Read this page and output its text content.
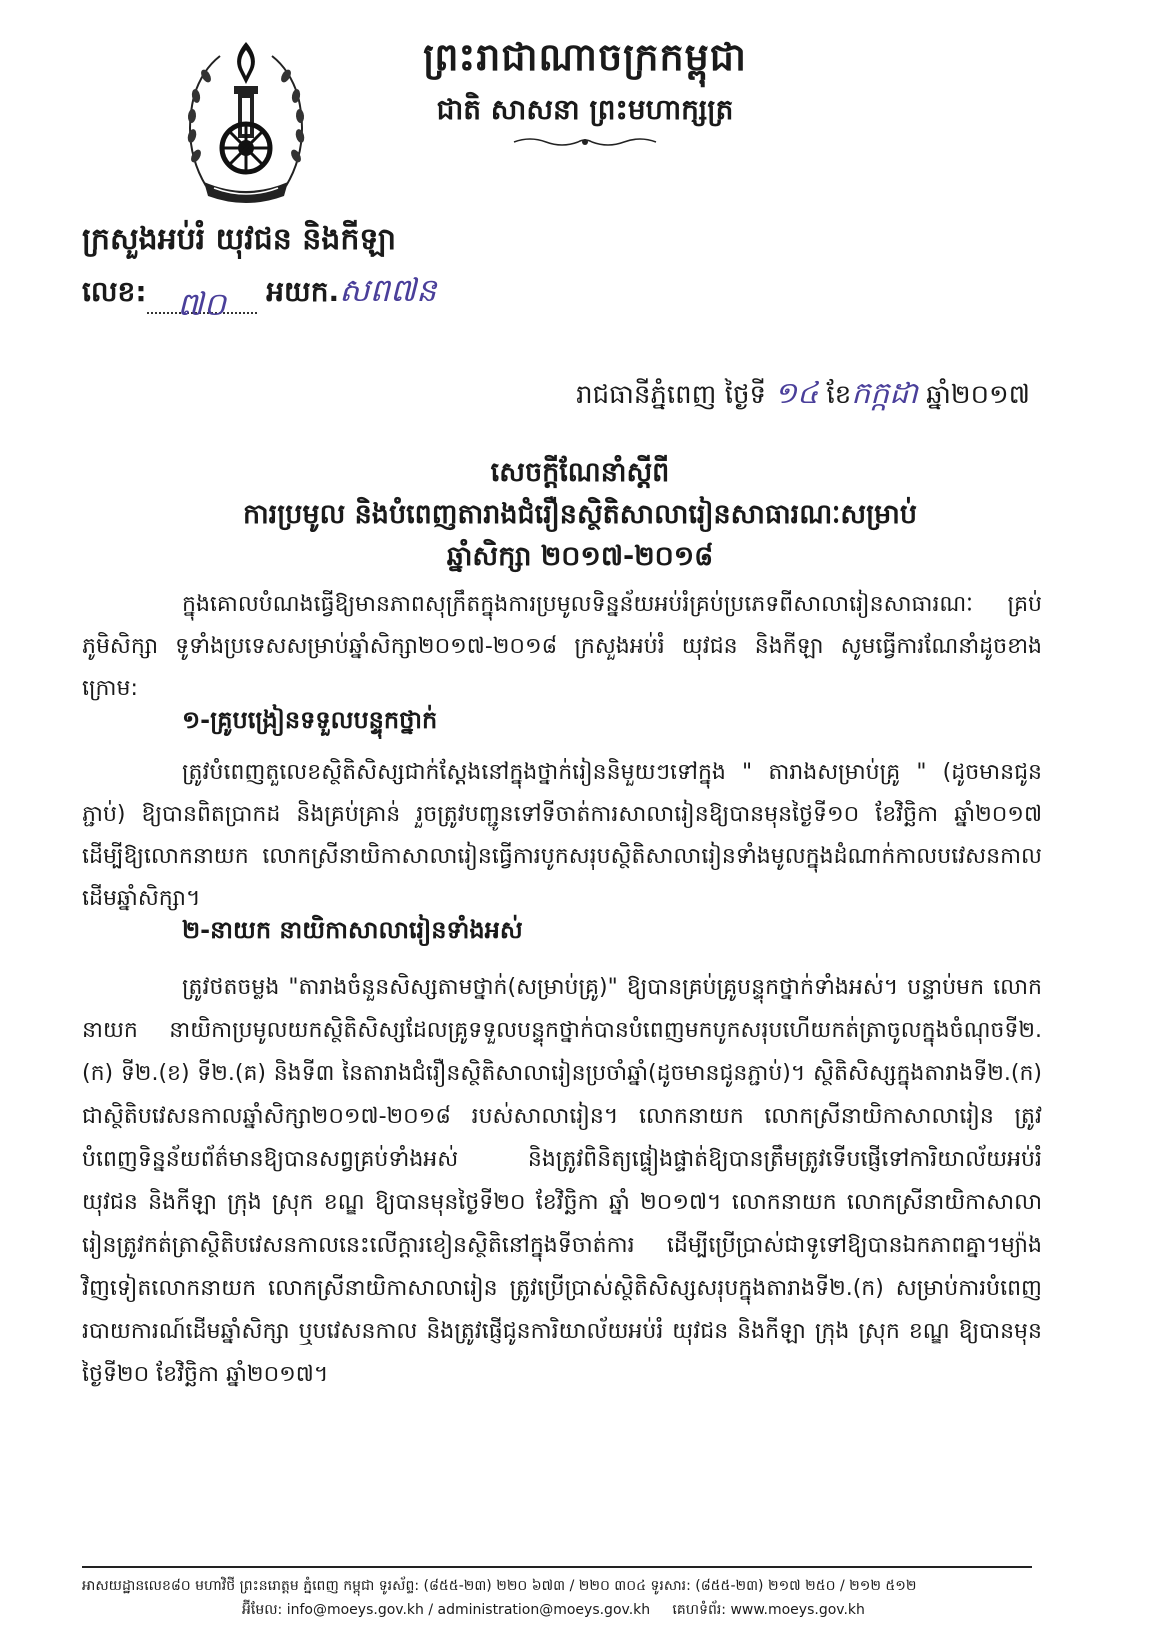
ព្រះរាជាណាចក្រកម្ពុជា
ជាតិ សាសនា ព្រះមហាក្សត្រ
ក្រសួងអប់រំ យុវជន និងកីឡា
លេខ: ៧០ អយក.សព៧ន
រាជធានីភ្នំពេញ ថ្ងៃទី ១៤ ខែកក្កដា ឆ្នាំ២០១៧
សេចក្តីណែនាំស្តីពី
ការប្រមូល និងបំពេញតារាងជំរឿនស្ថិតិសាលារៀនសាធារណៈសម្រាប់
ឆ្នាំសិក្សា ២០១៧-២០១៨
ក្នុងគោលបំណងធ្វើឱ្យមានភាពសុក្រឹតក្នុងការប្រមូលទិន្នន័យអប់រំគ្រប់ប្រភេទពីសាលារៀនសាធារណៈ គ្រប់ភូមិសិក្សា ទូទាំងប្រទេសសម្រាប់ឆ្នាំសិក្សា២០១៧-២០១៨ ក្រសួងអប់រំ យុវជន និងកីឡា សូមធ្វើការណែនាំដូចខាងក្រោម:
១-គ្រូបង្រៀនទទួលបន្ទុកថ្នាក់
ត្រូវបំពេញតួលេខស្ថិតិសិស្សជាក់ស្តែងនៅក្នុងថ្នាក់រៀននិមួយៗទៅក្នុង " តារាងសម្រាប់គ្រូ " (ដូចមានជូនភ្ជាប់) ឱ្យបានពិតប្រាកដ និងគ្រប់គ្រាន់ រួចត្រូវបញ្ជូនទៅទីចាត់ការសាលារៀនឱ្យបានមុនថ្ងៃទី១០ ខែវិច្ឆិកា ឆ្នាំ២០១៧ ដើម្បីឱ្យលោកនាយក លោកស្រីនាយិកាសាលារៀនធ្វើការបូកសរុបស្ថិតិសាលារៀនទាំងមូលក្នុងដំណាក់កាលបវេសនកាលដើមឆ្នាំសិក្សា។
២-នាយក នាយិកាសាលារៀនទាំងអស់
ត្រូវថតចម្លង "តារាងចំនួនសិស្សតាមថ្នាក់(សម្រាប់គ្រូ)" ឱ្យបានគ្រប់គ្រូបន្ទុកថ្នាក់ទាំងអស់។ បន្ទាប់មក លោកនាយក នាយិកាប្រមូលយកស្ថិតិសិស្សដែលគ្រូទទួលបន្ទុកថ្នាក់បានបំពេញមកបូកសរុបហើយកត់ត្រាចូលក្នុងចំណុចទី២.(ក) ទី២.(ខ) ទី២.(គ) និងទី៣ នៃតារាងជំរឿនស្ថិតិសាលារៀនប្រចាំឆ្នាំ(ដូចមានជូនភ្ជាប់)។ ស្ថិតិសិស្សក្នុងតារាងទី២.(ក) ជាស្ថិតិបវេសនកាលឆ្នាំសិក្សា២០១៧-២០១៨ របស់សាលារៀន។ លោកនាយក លោកស្រីនាយិកាសាលារៀន ត្រូវបំពេញទិន្នន័យព័ត៌មានឱ្យបានសព្វគ្រប់ទាំងអស់ និងត្រូវពិនិត្យផ្ទៀងផ្ទាត់ឱ្យបានត្រឹមត្រូវទើបផ្ញើទៅការិយាល័យអប់រំ យុវជន និងកីឡា ក្រុង ស្រុក ខណ្ឌ ឱ្យបានមុនថ្ងៃទី២០ ខែវិច្ឆិកា ឆ្នាំ ២០១៧។ លោកនាយក លោកស្រីនាយិកាសាលារៀនត្រូវកត់ត្រាស្ថិតិបវេសនកាលនេះលើក្តារខៀនស្ថិតិនៅក្នុងទីចាត់ការ ដើម្បីប្រើប្រាស់ជាទូទៅឱ្យបានឯកភាពគ្នា។ម្យ៉ាងវិញទៀតលោកនាយក លោកស្រីនាយិកាសាលារៀន ត្រូវប្រើប្រាស់ស្ថិតិសិស្សសរុបក្នុងតារាងទី២.(ក) សម្រាប់ការបំពេញរបាយការណ៍ដើមឆ្នាំសិក្សា ឬបវេសនកាល និងត្រូវផ្ញើជូនការិយាល័យអប់រំ យុវជន និងកីឡា ក្រុង ស្រុក ខណ្ឌ ឱ្យបានមុនថ្ងៃទី២០ ខែវិច្ឆិកា ឆ្នាំ២០១៧។
អាសយដ្ឋានលេខ៨០ មហាវិថី ព្រះនរោត្តម ភ្នំពេញ កម្ពុជា ទូរស័ព្ទ: (៨៥៥-២៣) ២២០ ៦៧៣ / ២២០ ៣០៤ ទូរសារ: (៨៥៥-២៣) ២១៧ ២៥០ / ២១២ ៥១២
អ៊ីមែល: info@moeys.gov.kh / administration@moeys.gov.kh គេហទំព័រ: www.moeys.gov.kh
